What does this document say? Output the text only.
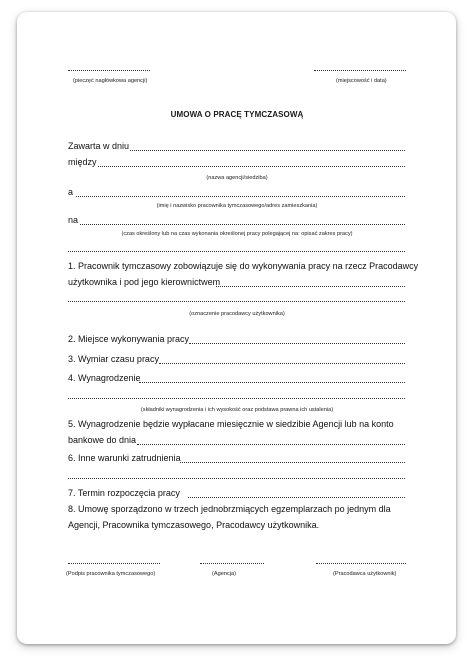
(pieczęć nagłówkowa agencji)	(miejscowość i data)
UMOWA O PRACĘ TYMCZASOWĄ
Zawarta w dniu
między
(nazwa agencji/siedziba)
a
(imię i nazwisko pracownika tymczasowego/adres zamieszkania)
na
(czas określony lub na czas wykonania określonej pracy polegającej na: opisać zakres pracy)
1. Pracownik tymczasowy zobowiązuje się do wykonywania pracy na rzecz Pracodawcy
użytkownika i pod jego kierownictwem
(oznaczenie pracodawcy użytkownika)
2. Miejsce wykonywania pracy
3. Wymiar czasu pracy
4. Wynagrodzenie
(składniki wynagrodzenia i ich wysokość oraz podstawa prawna ich ustalenia)
5. Wynagrodzenie będzie wypłacane miesięcznie w siedzibie Agencji lub na konto
bankowe do dnia
6. Inne warunki zatrudnienia
7. Termin rozpoczęcia pracy
8. Umowę sporządzono w trzech jednobrzmiących egzemplarzach po jednym dla
Agencji, Pracownika tymczasowego, Pracodawcy użytkownika.
(Podpis pracownika tymczasowego)	(Agencja)	(Pracodawca użytkownik)
